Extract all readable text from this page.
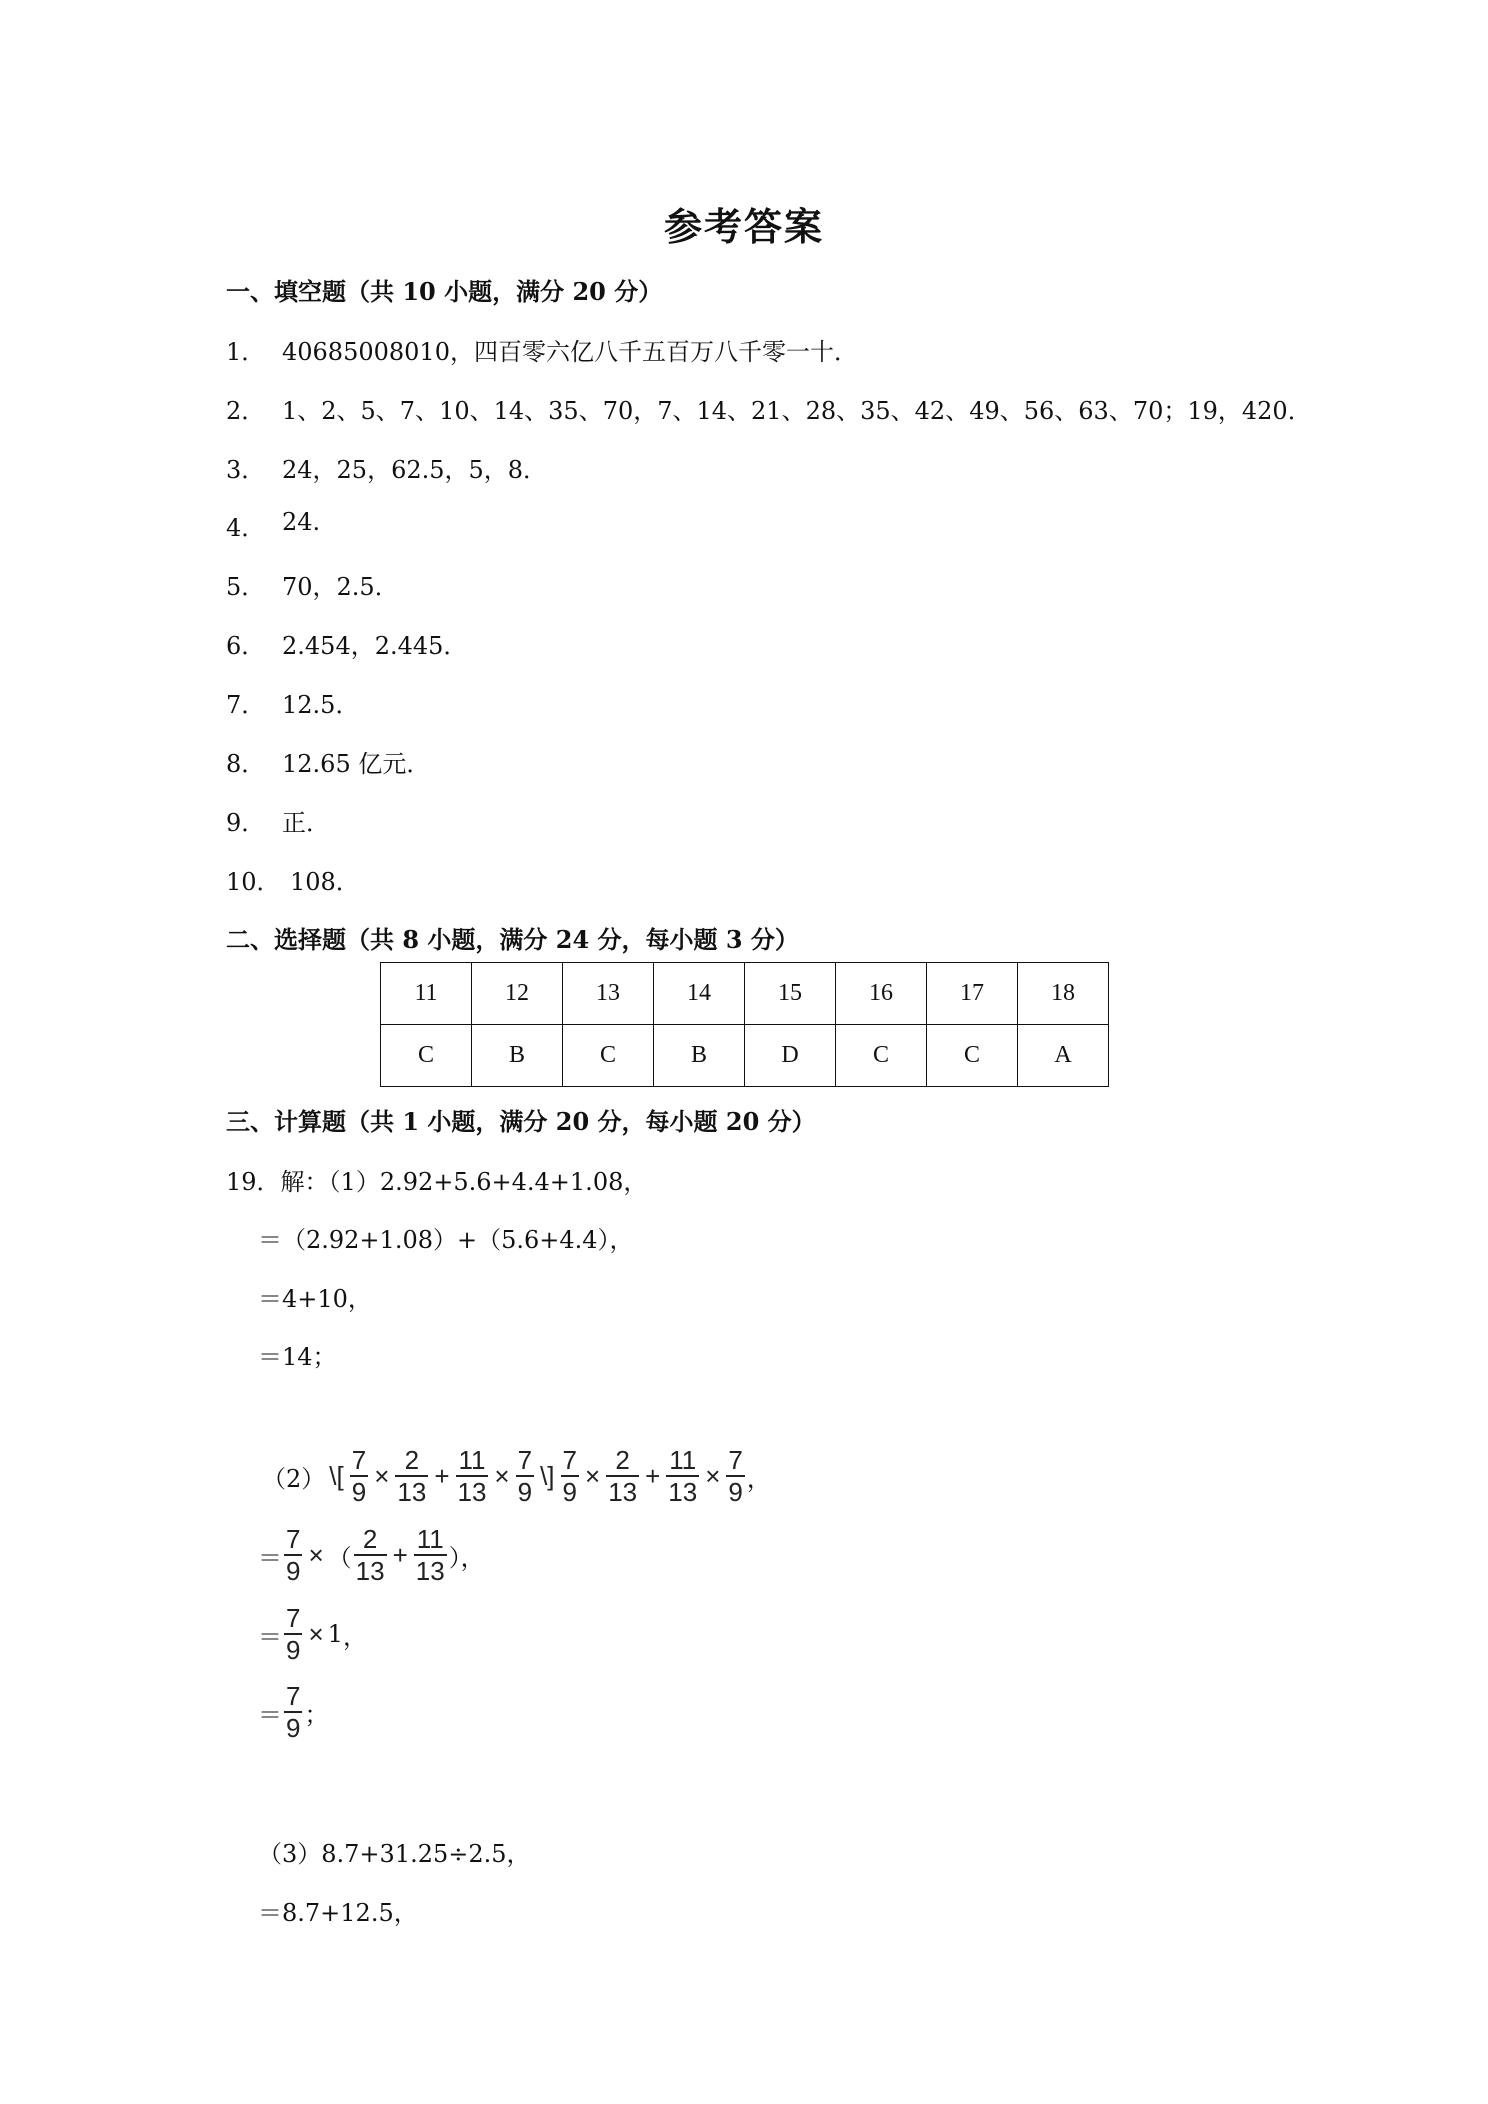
参考答案
一、填空题（共 10 小题，满分 20 分）
1． 40685008010，四百零六亿八千五百万八千零一十．
2． 1、2、5、7、10、14、35、70，7、14、21、28、35、42、49、56、63、70；19，420．
3． 24，25，62.5，5，8．
4． 24.
5． 70，2.5．
6． 2.454，2.445．
7． 12.5．
8． 12.65 亿元．
9． 正．
10． 108．
二、选择题（共 8 小题，满分 24 分，每小题 3 分）
11	12	13	14	15	16	17	18
C	B	C	B	D	C	C	A
三、计算题（共 1 小题，满分 20 分，每小题 20 分）
19．解：（1）2.92+5.6+4.4+1.08，
＝（2.92+1.08）+（5.6+4.4），
＝4+10，
＝14；
（2） \[ $\frac{7}{9} \times \frac{2}{13} + \frac{11}{13} \times \frac{7}{9}$ \] $\frac{7}{9} \times \frac{2}{13} + \frac{11}{13} \times \frac{7}{9}$ ，
＝ $\frac{7}{9}$ × （ $\frac{2}{13} + \frac{11}{13}$ ），
＝ $\frac{7}{9} \times 1$ ，
＝ $\frac{7}{9}$ ；
（3）8.7+31.25÷2.5，
＝8.7+12.5，
